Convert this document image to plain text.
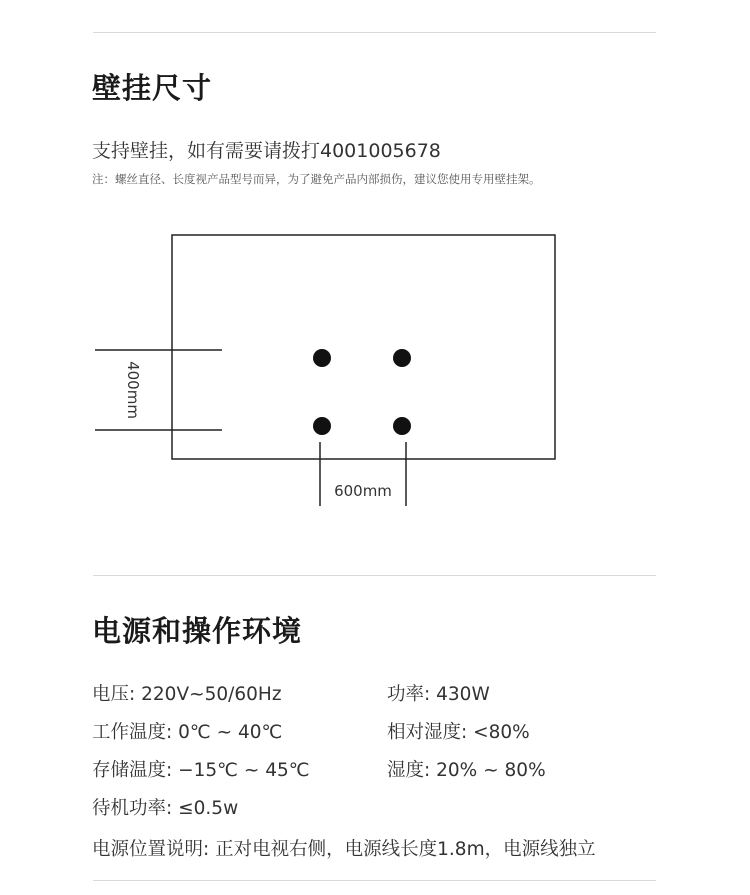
壁挂尺寸
支持壁挂，如有需要请拨打4001005678
注：螺丝直径、长度视产品型号而异，为了避免产品内部损伤，建议您使用专用壁挂架。
400mm
600mm
电源和操作环境
电压 : 220V~50/60Hz	功率 : 430W
工作温度 : 0℃ ~ 40℃	相对湿度 : <80%
存储温度 : −15℃ ~ 45℃	湿度 : 20% ~ 80%
待机功率 : ≤0.5w
电源位置说明 : 正对电视右侧，电源线长度1.8m，电源线独立
